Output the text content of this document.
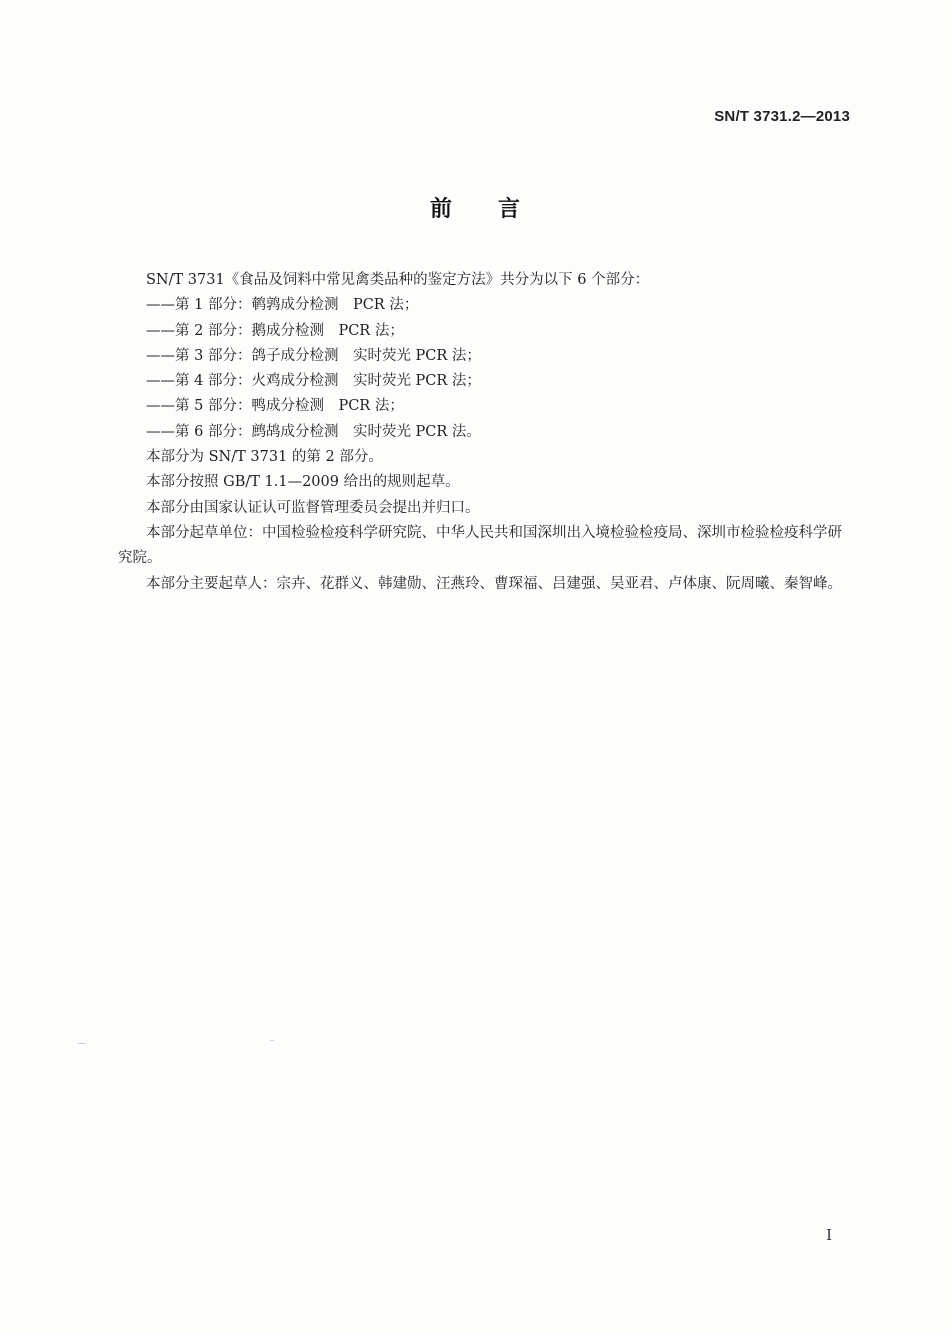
SN/T 3731.2—2013
前 言
SN/T 3731《食品及饲料中常见禽类品种的鉴定方法》共分为以下 6 个部分：
——第 1 部分：鹌鹑成分检测　PCR 法；
——第 2 部分：鹅成分检测　PCR 法；
——第 3 部分：鸽子成分检测　实时荧光 PCR 法；
——第 4 部分：火鸡成分检测　实时荧光 PCR 法；
——第 5 部分：鸭成分检测　PCR 法；
——第 6 部分：鹧鸪成分检测　实时荧光 PCR 法。
本部分为 SN/T 3731 的第 2 部分。
本部分按照 GB/T 1.1—2009 给出的规则起草。
本部分由国家认证认可监督管理委员会提出并归口。
本部分起草单位：中国检验检疫科学研究院、中华人民共和国深圳出入境检验检疫局、深圳市检验检疫科学研究院。
本部分主要起草人：宗卉、花群义、韩建勋、汪燕玲、曹琛福、吕建强、吴亚君、卢体康、阮周曦、秦智峰。
I
